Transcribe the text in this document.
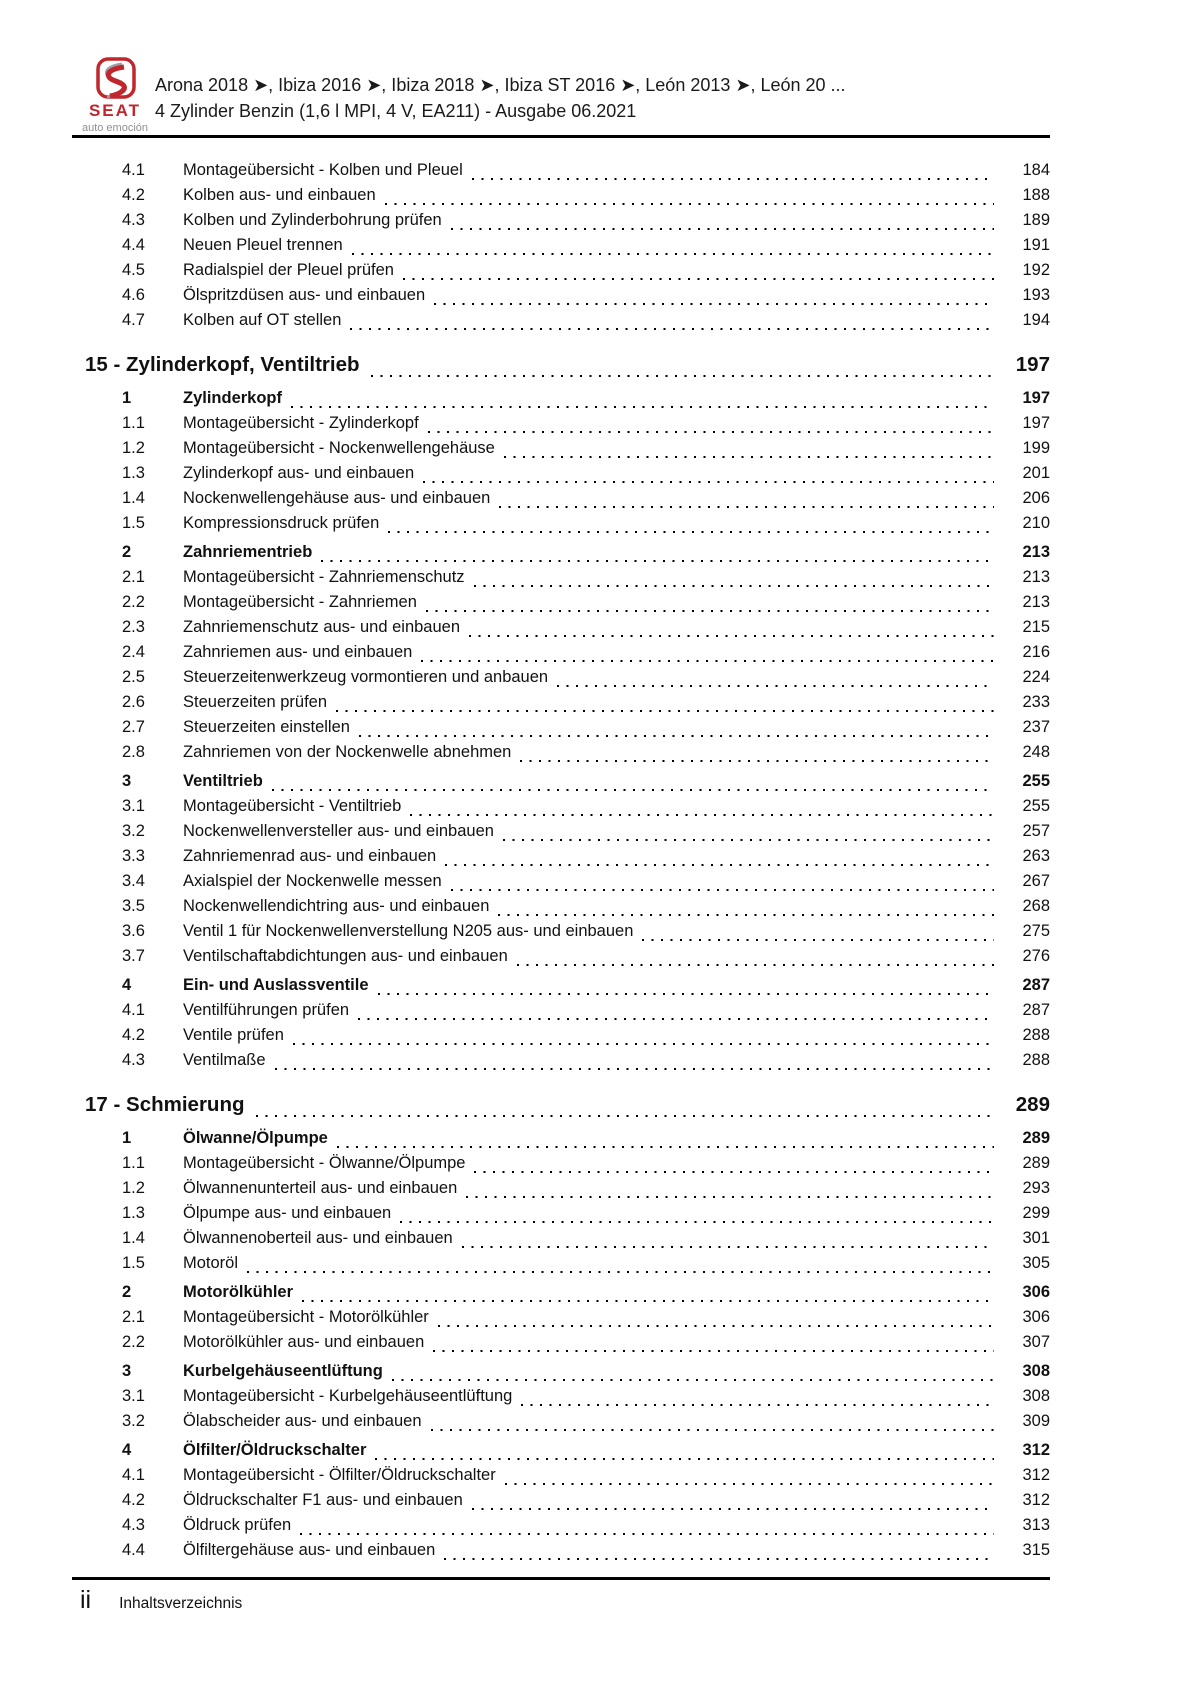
SEAT
auto emoción
Arona 2018 ➤, Ibiza 2016 ➤, Ibiza 2018 ➤, Ibiza ST 2016 ➤, León 2013 ➤, León 20 ...
4 Zylinder Benzin (1,6 l MPI, 4 V, EA211) - Ausgabe 06.2021
4.1	Montageübersicht - Kolben und Pleuel	184
4.2	Kolben aus- und einbauen	188
4.3	Kolben und Zylinderbohrung prüfen	189
4.4	Neuen Pleuel trennen	191
4.5	Radialspiel der Pleuel prüfen	192
4.6	Ölspritzdüsen aus- und einbauen	193
4.7	Kolben auf OT stellen	194
15 - Zylinderkopf, Ventiltrieb	197
1	Zylinderkopf	197
1.1	Montageübersicht - Zylinderkopf	197
1.2	Montageübersicht - Nockenwellengehäuse	199
1.3	Zylinderkopf aus- und einbauen	201
1.4	Nockenwellengehäuse aus- und einbauen	206
1.5	Kompressionsdruck prüfen	210
2	Zahnriementrieb	213
2.1	Montageübersicht - Zahnriemenschutz	213
2.2	Montageübersicht - Zahnriemen	213
2.3	Zahnriemenschutz aus- und einbauen	215
2.4	Zahnriemen aus- und einbauen	216
2.5	Steuerzeitenwerkzeug vormontieren und anbauen	224
2.6	Steuerzeiten prüfen	233
2.7	Steuerzeiten einstellen	237
2.8	Zahnriemen von der Nockenwelle abnehmen	248
3	Ventiltrieb	255
3.1	Montageübersicht - Ventiltrieb	255
3.2	Nockenwellenversteller aus- und einbauen	257
3.3	Zahnriemenrad aus- und einbauen	263
3.4	Axialspiel der Nockenwelle messen	267
3.5	Nockenwellendichtring aus- und einbauen	268
3.6	Ventil 1 für Nockenwellenverstellung N205 aus- und einbauen	275
3.7	Ventilschaftabdichtungen aus- und einbauen	276
4	Ein- und Auslassventile	287
4.1	Ventilführungen prüfen	287
4.2	Ventile prüfen	288
4.3	Ventilmaße	288
17 - Schmierung	289
1	Ölwanne/Ölpumpe	289
1.1	Montageübersicht - Ölwanne/Ölpumpe	289
1.2	Ölwannenunterteil aus- und einbauen	293
1.3	Ölpumpe aus- und einbauen	299
1.4	Ölwannenoberteil aus- und einbauen	301
1.5	Motoröl	305
2	Motorölkühler	306
2.1	Montageübersicht - Motorölkühler	306
2.2	Motorölkühler aus- und einbauen	307
3	Kurbelgehäuseentlüftung	308
3.1	Montageübersicht - Kurbelgehäuseentlüftung	308
3.2	Ölabscheider aus- und einbauen	309
4	Ölfilter/Öldruckschalter	312
4.1	Montageübersicht - Ölfilter/Öldruckschalter	312
4.2	Öldruckschalter F1 aus- und einbauen	312
4.3	Öldruck prüfen	313
4.4	Ölfiltergehäuse aus- und einbauen	315
ii Inhaltsverzeichnis
